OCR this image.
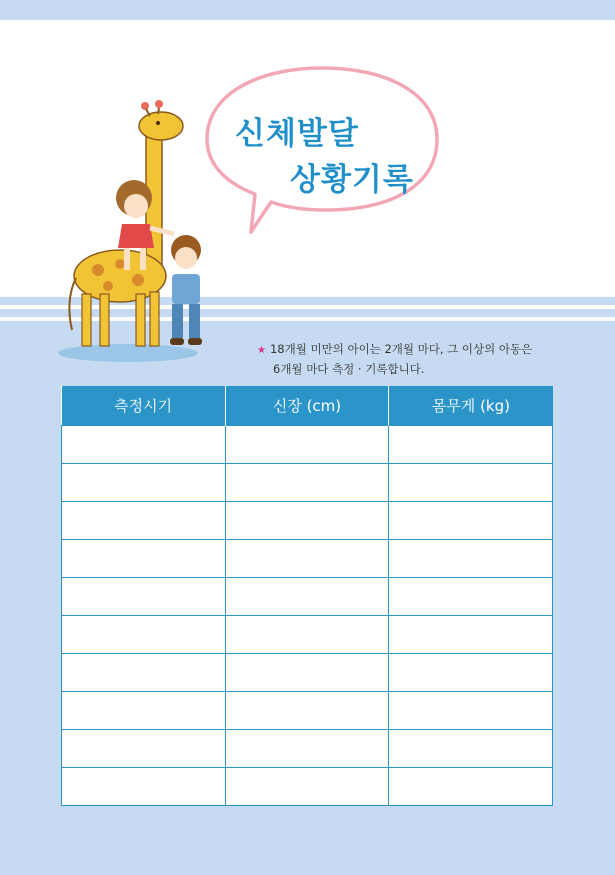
신체발달
상황기록
★ 18개월 미만의 아이는 2개월 마다, 그 이상의 아동은
6개월 마다 측정 · 기록합니다.
측정시기	신장 (cm)	몸무게 (kg)
